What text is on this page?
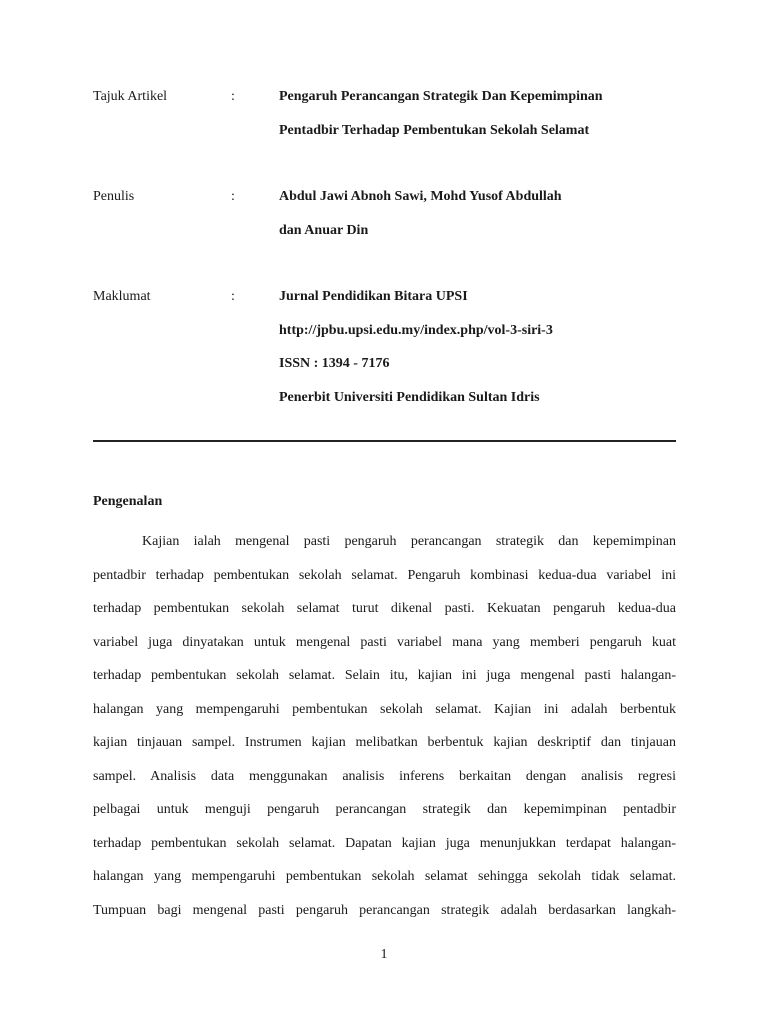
Tajuk Artikel	:	Pengaruh Perancangan Strategik Dan Kepemimpinan
Pentadbir Terhadap Pembentukan Sekolah Selamat
Penulis	:	Abdul Jawi Abnoh Sawi, Mohd Yusof Abdullah
dan Anuar Din
Maklumat	:	Jurnal Pendidikan Bitara UPSI
http://jpbu.upsi.edu.my/index.php/vol-3-siri-3
ISSN : 1394 - 7176
Penerbit Universiti Pendidikan Sultan Idris
Pengenalan
Kajian ialah mengenal pasti pengaruh perancangan strategik dan kepemimpinan
pentadbir terhadap pembentukan sekolah selamat. Pengaruh kombinasi kedua-dua variabel ini
terhadap pembentukan sekolah selamat turut dikenal pasti. Kekuatan pengaruh kedua-dua
variabel juga dinyatakan untuk mengenal pasti variabel mana yang memberi pengaruh kuat
terhadap pembentukan sekolah selamat. Selain itu, kajian ini juga mengenal pasti halangan-
halangan yang mempengaruhi pembentukan sekolah selamat. Kajian ini adalah berbentuk
kajian tinjauan sampel. Instrumen kajian melibatkan berbentuk kajian deskriptif dan tinjauan
sampel. Analisis data menggunakan analisis inferens berkaitan dengan analisis regresi
pelbagai untuk menguji pengaruh perancangan strategik dan kepemimpinan pentadbir
terhadap pembentukan sekolah selamat. Dapatan kajian juga menunjukkan terdapat halangan-
halangan yang mempengaruhi pembentukan sekolah selamat sehingga sekolah tidak selamat.
Tumpuan bagi mengenal pasti pengaruh perancangan strategik adalah berdasarkan langkah-
1
